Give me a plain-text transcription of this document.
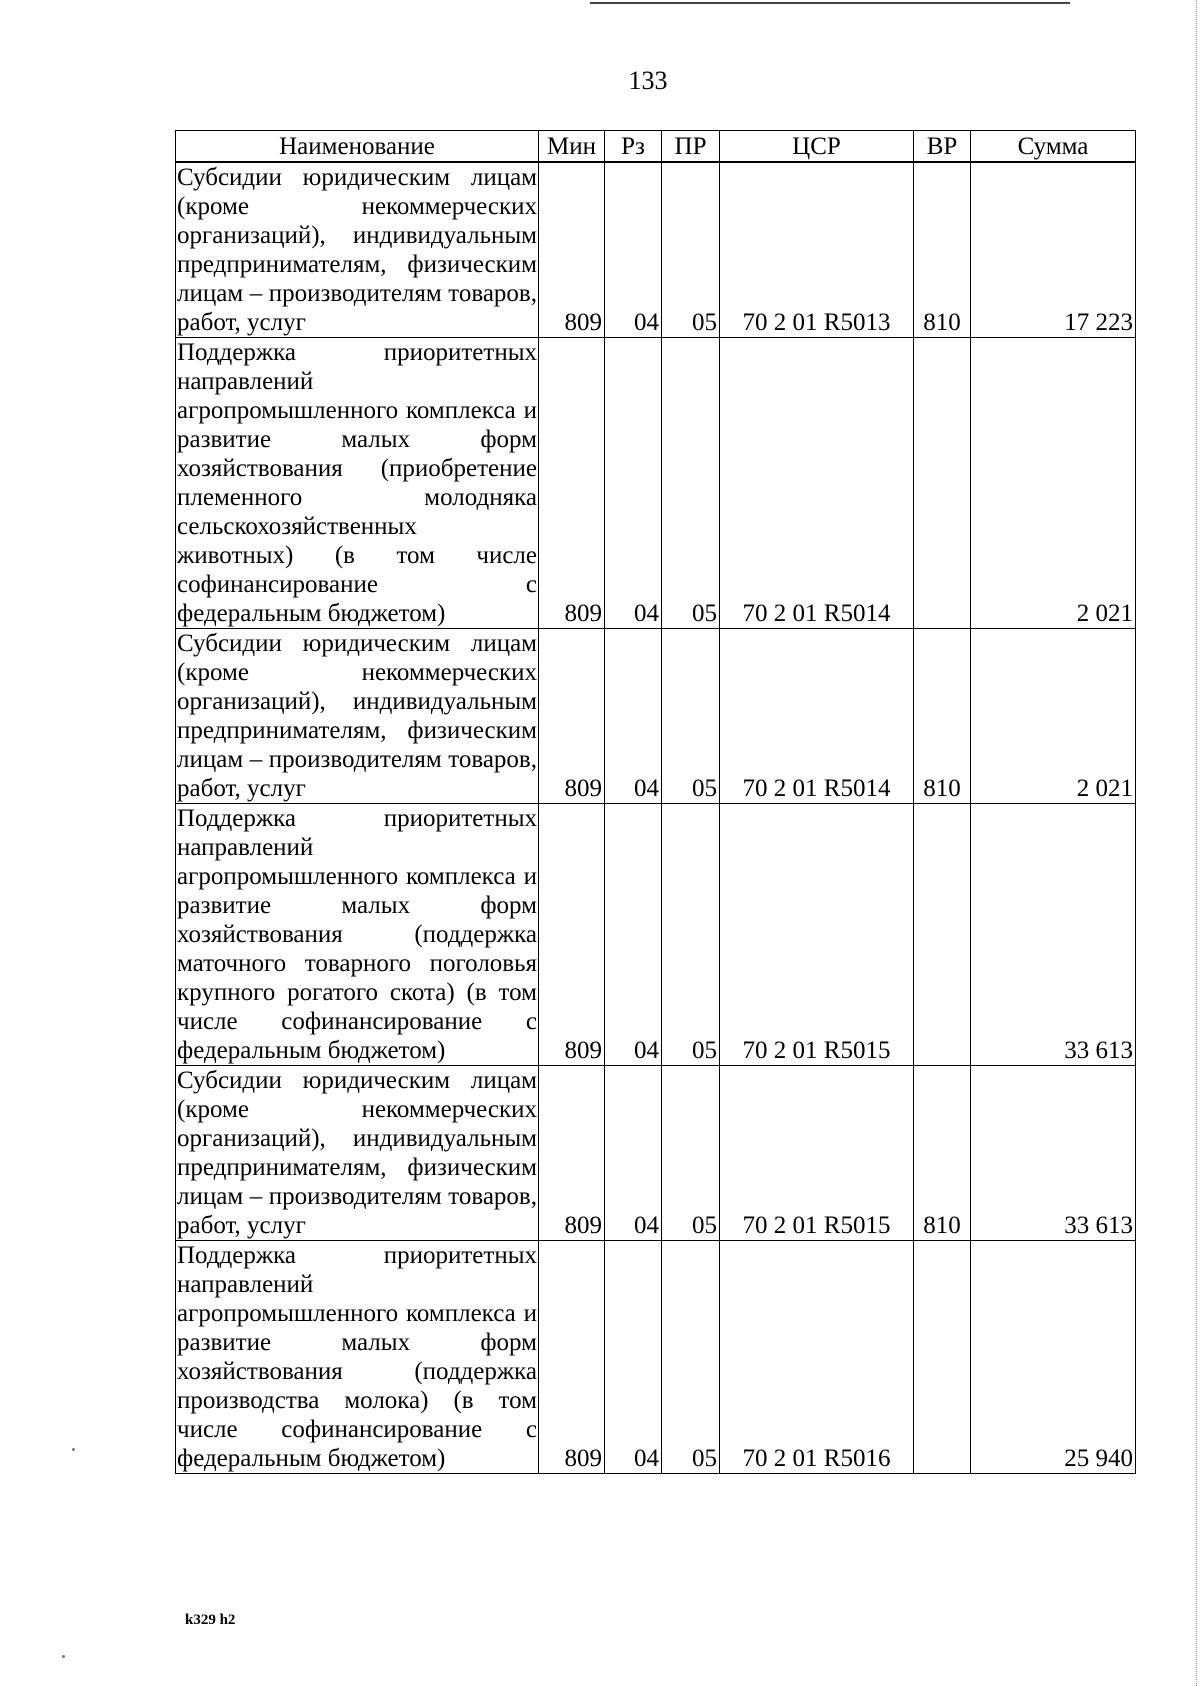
133
Наименование	Мин	Рз	ПР	ЦСР	ВР	Сумма
Субсидии юридическим лицам (кроме некоммерческих организаций), индивидуальным предпринимателям, физическим лицам – производителям товаров, работ, услуг	809	04	05	70 2 01 R5013	810	17 223
Поддержка приоритетных направлений агропромышленного комплекса и развитие малых форм хозяйствования (приобретение племенного молодняка сельскохозяйственных животных) (в том числе софинансирование с федеральным бюджетом)	809	04	05	70 2 01 R5014		2 021
Субсидии юридическим лицам (кроме некоммерческих организаций), индивидуальным предпринимателям, физическим лицам – производителям товаров, работ, услуг	809	04	05	70 2 01 R5014	810	2 021
Поддержка приоритетных направлений агропромышленного комплекса и развитие малых форм хозяйствования (поддержка маточного товарного поголовья крупного рогатого скота) (в том числе софинансирование с федеральным бюджетом)	809	04	05	70 2 01 R5015		33 613
Субсидии юридическим лицам (кроме некоммерческих организаций), индивидуальным предпринимателям, физическим лицам – производителям товаров, работ, услуг	809	04	05	70 2 01 R5015	810	33 613
Поддержка приоритетных направлений агропромышленного комплекса и развитие малых форм хозяйствования (поддержка производства молока) (в том числе софинансирование с федеральным бюджетом)	809	04	05	70 2 01 R5016		25 940
k329 h2
